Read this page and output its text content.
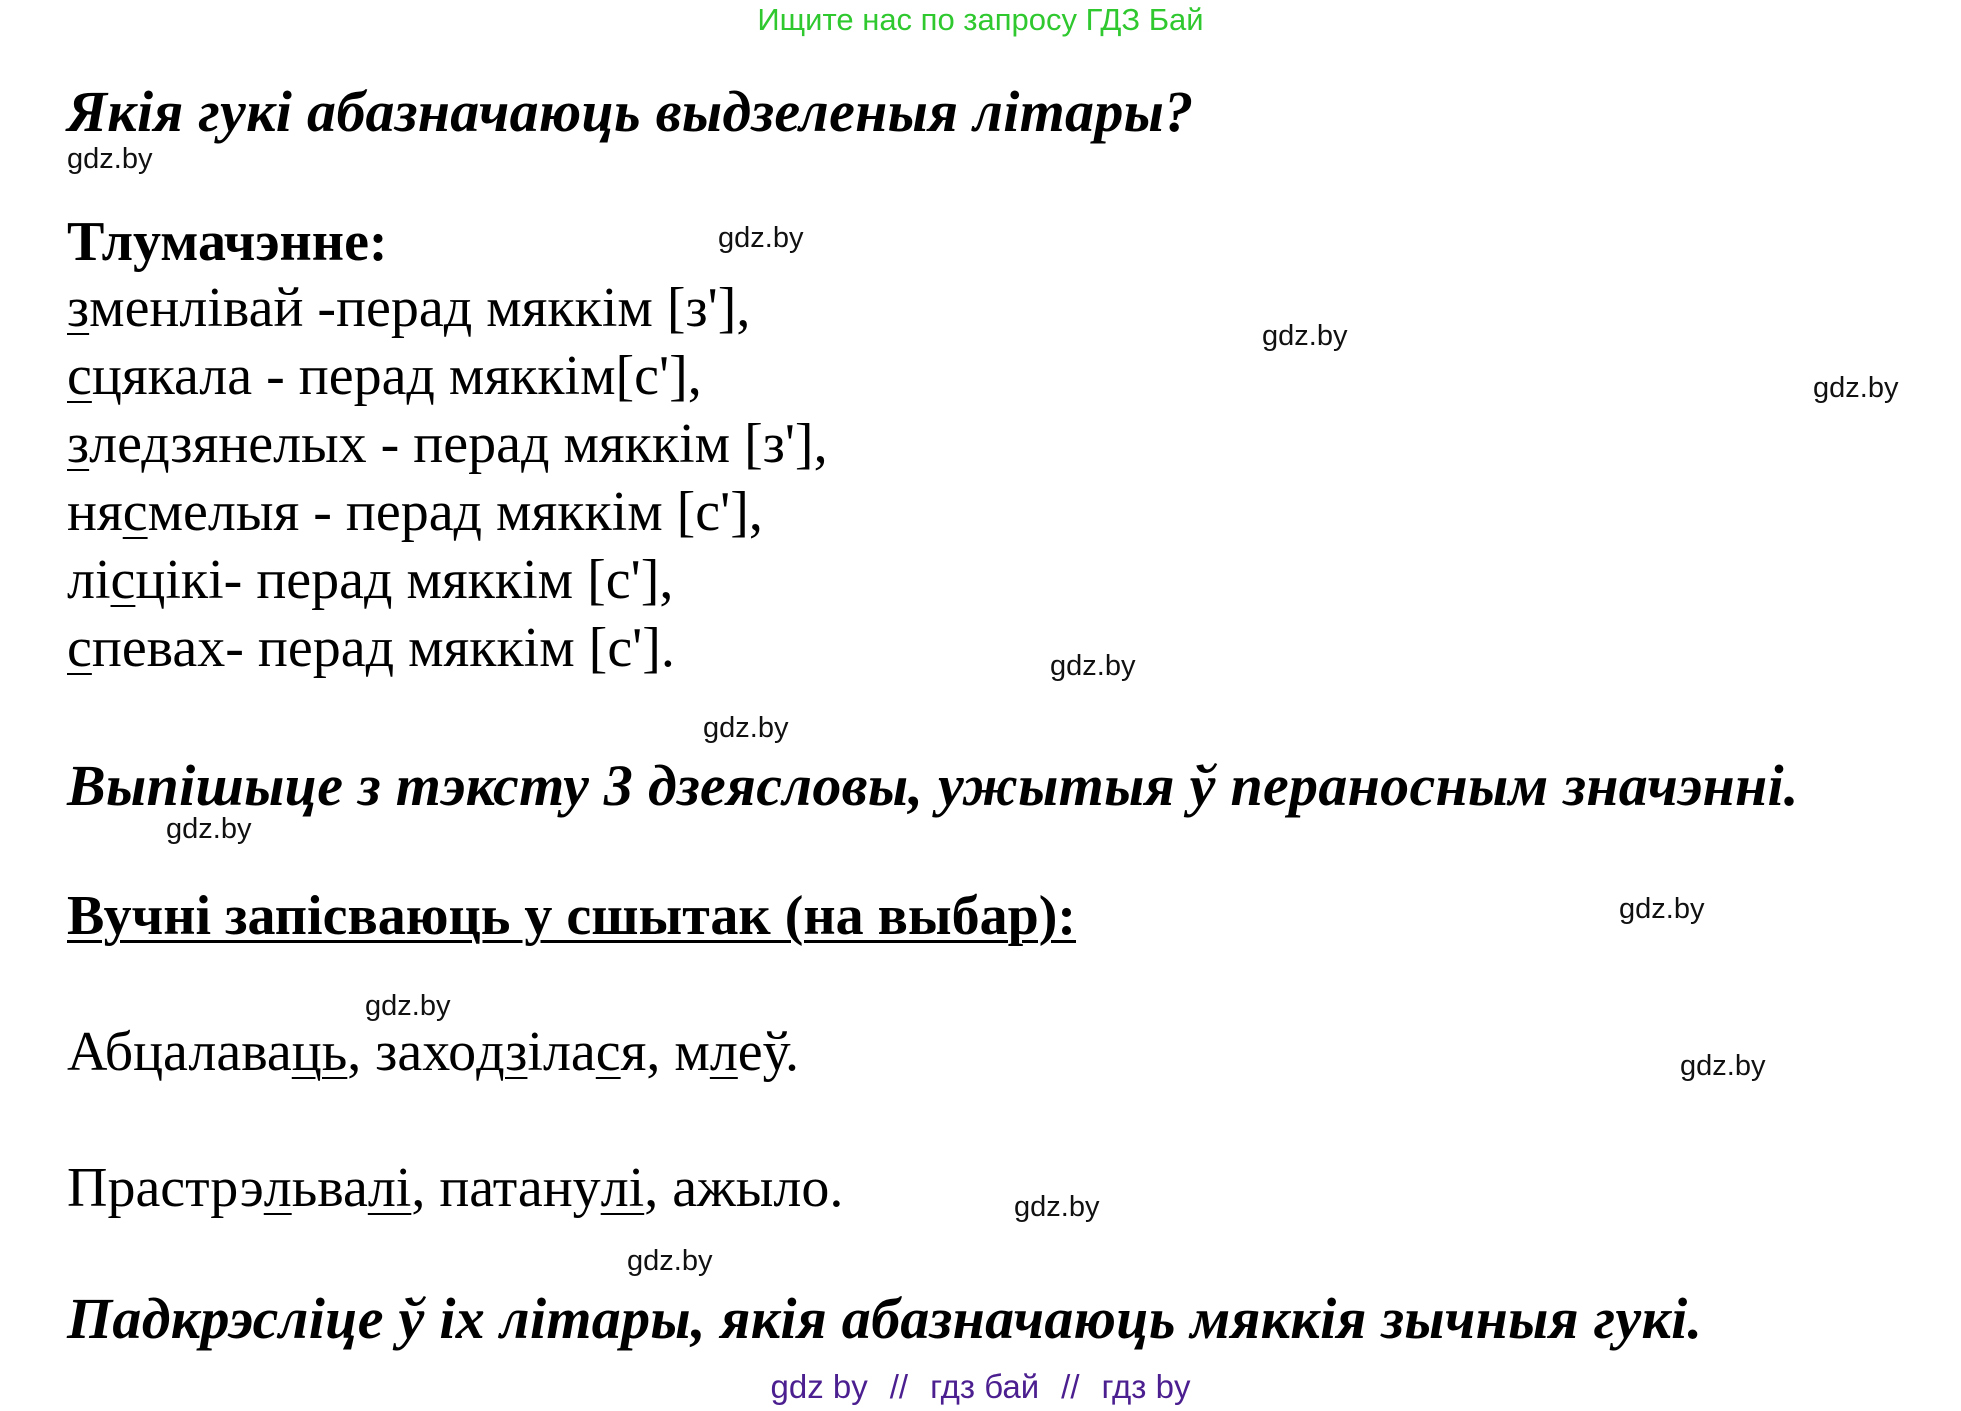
Ищите нас по запросу ГДЗ Бай
Якія гукі абазначаюць выдзеленыя літары?
Тлумачэнне:
з менлівай -перад мяккім [з'],
с цякала - перад мяккім[с'],
з ледзянелых - перад мяккім [з'],
ня с мелыя - перад мяккім [с'],
лі с цікі- перад мяккім [с'],
с певах- перад мяккім [с'].
Выпішыце з тэксту 3 дзеясловы, ужытыя ў пераносным значэнні.
Вучні запісваюць у сшытак (на выбар):
Абцалава ць , захо дз іла с я, м л еў.
Прастрэ л ьва лі , патану лі , ажыло.
Падкрэсліце ў іх літары, якія абазначаюць мяккія зычныя гукі.
gdz.by
gdz.by
gdz.by
gdz.by
gdz.by
gdz.by
gdz.by
gdz.by
gdz.by
gdz.by
gdz.by
gdz.by
gdz by // гдз бай // гдз by
